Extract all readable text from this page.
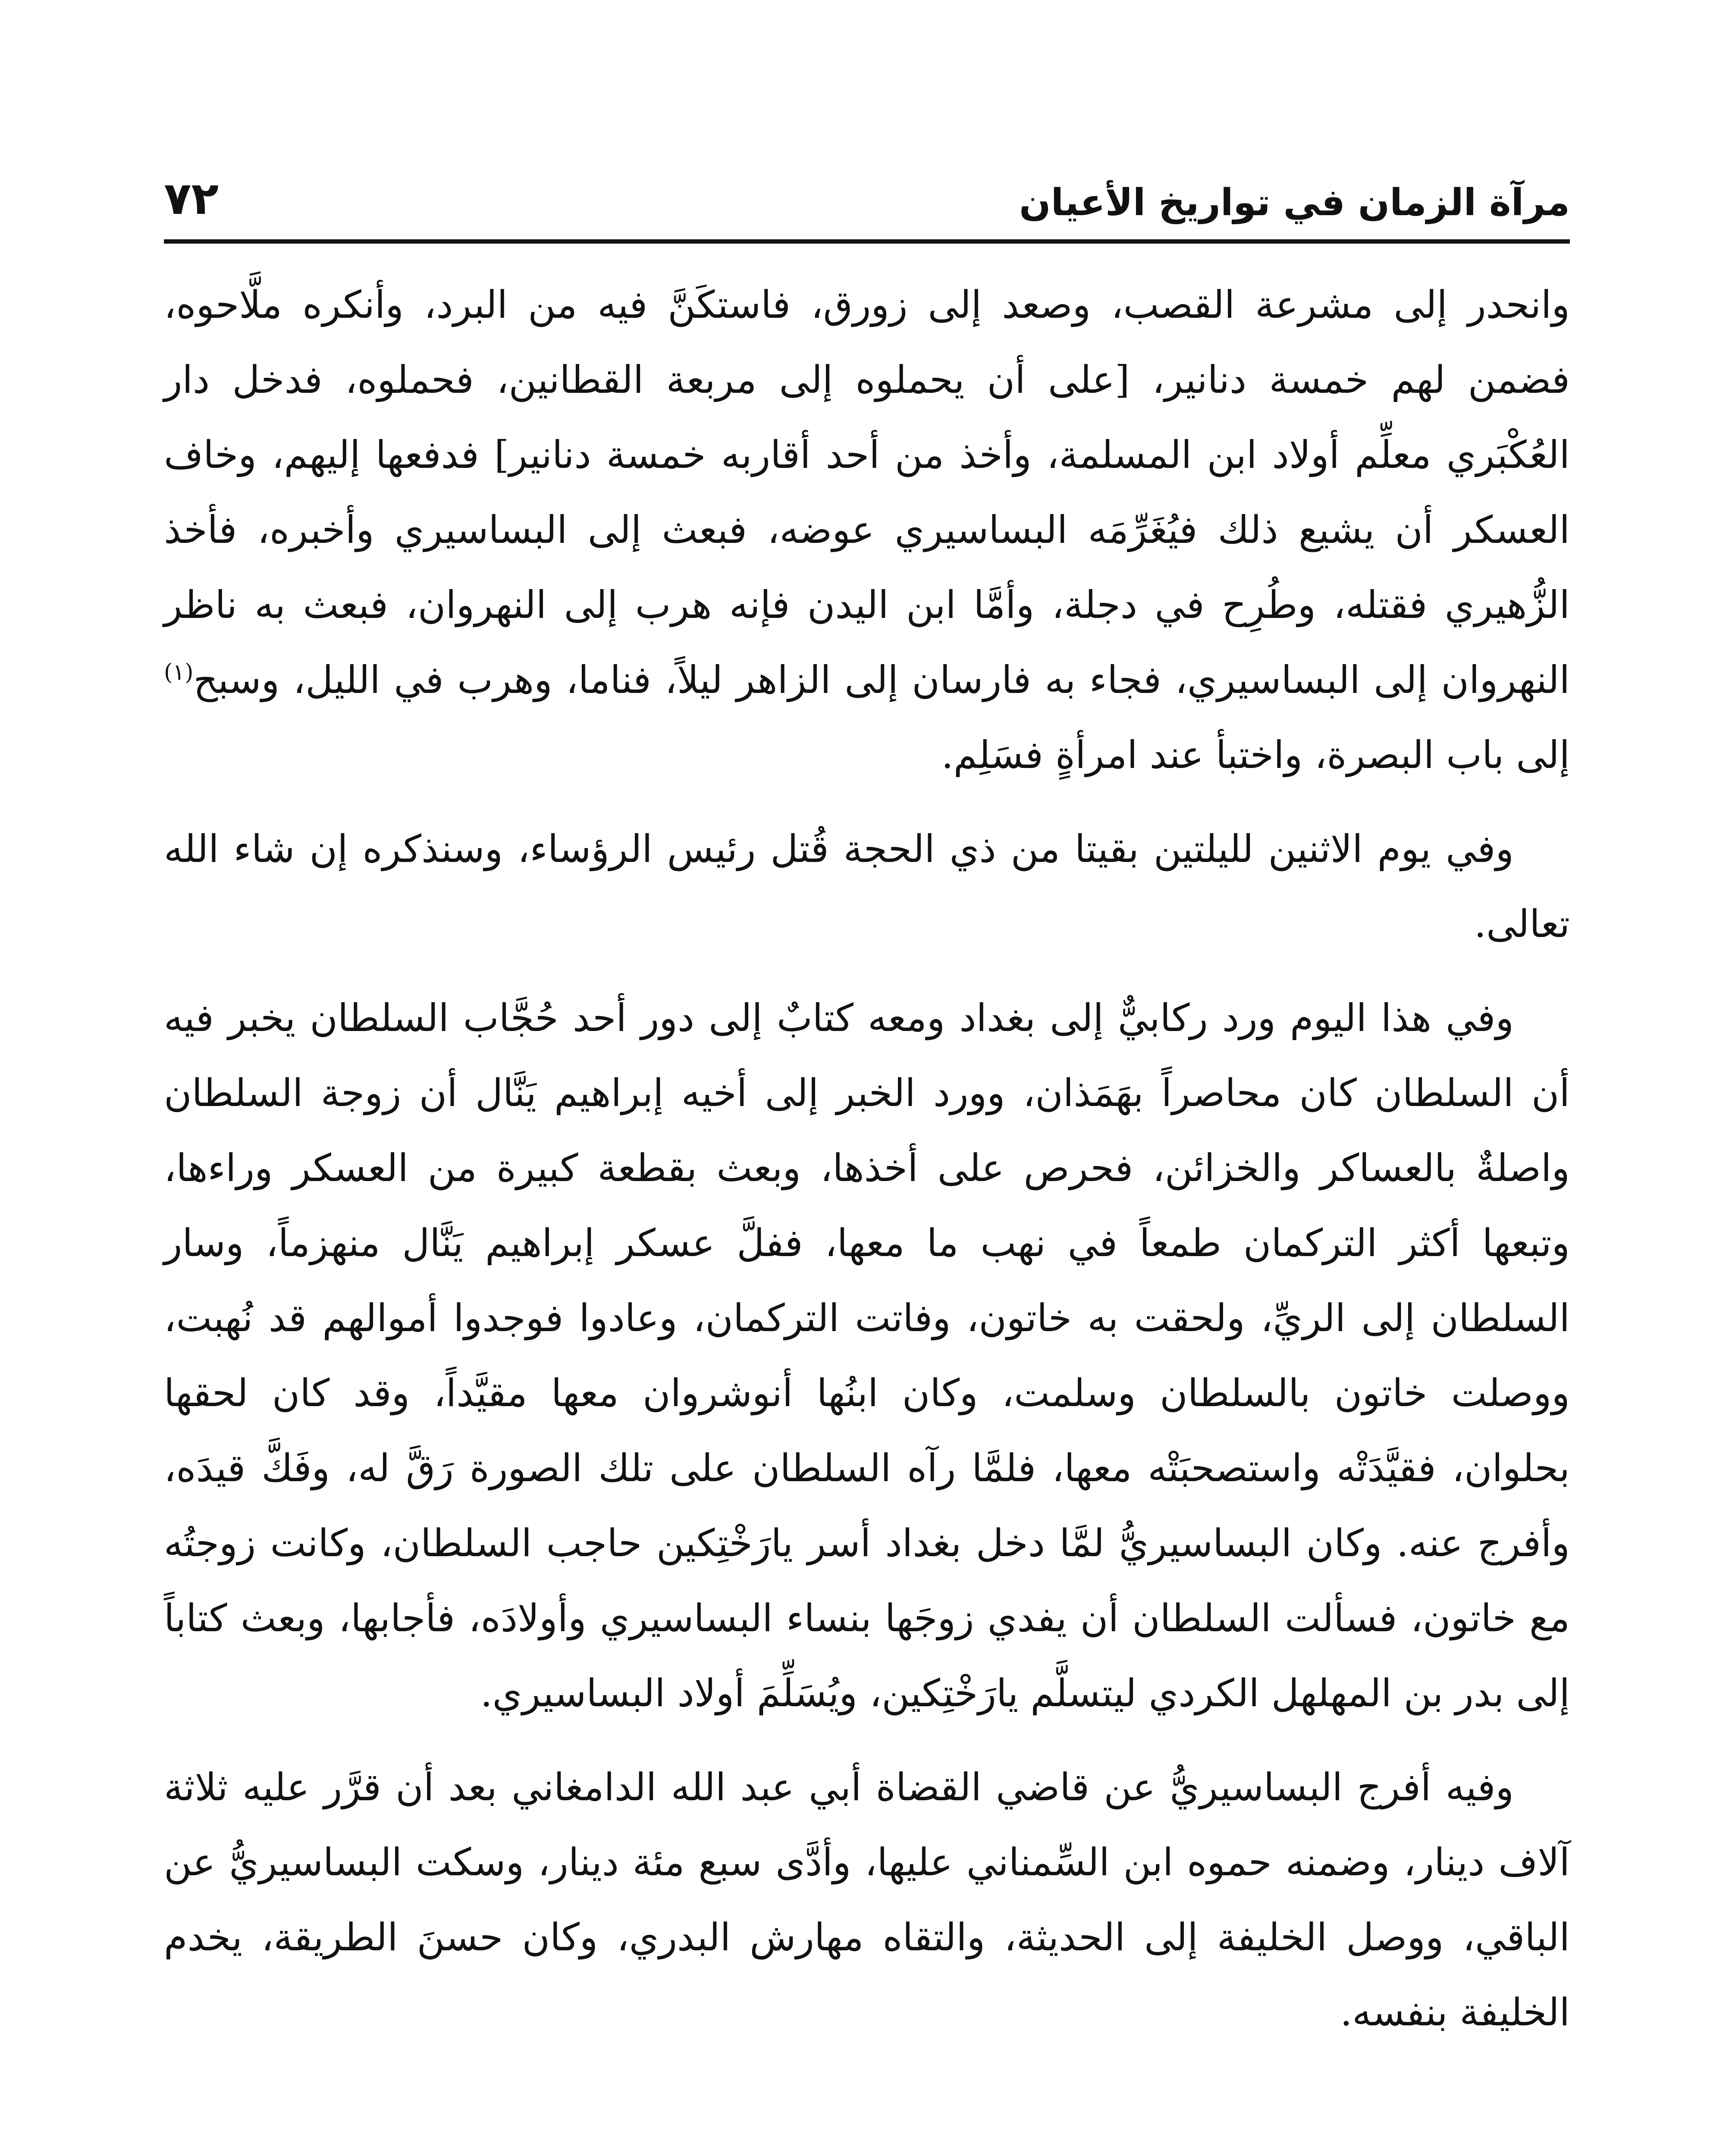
مرآة الزمان في تواريخ الأعيان
٧٢

وانحدر إلى مشرعة القصب، وصعد إلى زورق، فاستكَنَّ فيه من البرد، وأنكره ملَّاحوه، فضمن لهم خمسة دنانير، [على أن يحملوه إلى مربعة القطانين، فحملوه، فدخل دار العُكْبَري معلِّم أولاد ابن المسلمة، وأخذ من أحد أقاربه خمسة دنانير] فدفعها إليهم، وخاف العسكر أن يشيع ذلك فيُغَرِّمَه البساسيري عوضه، فبعث إلى البساسيري وأخبره، فأخذ الزُّهيري فقتله، وطُرِح في دجلة، وأمَّا ابن اليدن فإنه هرب إلى النهروان، فبعث به ناظر النهروان إلى البساسيري، فجاء به فارسان إلى الزاهر ليلاً، فناما، وهرب في الليل، وسبح$^{(١)}$ إلى باب البصرة، واختبأ عند امرأةٍ فسَلِم.

وفي يوم الاثنين لليلتين بقيتا من ذي الحجة قُتل رئيس الرؤساء، وسنذكره إن شاء الله تعالى.

وفي هذا اليوم ورد ركابيٌّ إلى بغداد ومعه كتابٌ إلى دور أحد حُجَّاب السلطان يخبر فيه أن السلطان كان محاصراً بهَمَذان، وورد الخبر إلى أخيه إبراهيم يَنَّال أن زوجة السلطان واصلةٌ بالعساكر والخزائن، فحرص على أخذها، وبعث بقطعة كبيرة من العسكر وراءها، وتبعها أكثر التركمان طمعاً في نهب ما معها، ففلَّ عسكر إبراهيم يَنَّال منهزماً، وسار السلطان إلى الريِّ، ولحقت به خاتون، وفاتت التركمان، وعادوا فوجدوا أموالهم قد نُهبت، ووصلت خاتون بالسلطان وسلمت، وكان ابنُها أنوشروان معها مقيَّداً، وقد كان لحقها بحلوان، فقيَّدَتْه واستصحبَتْه معها، فلمَّا رآه السلطان على تلك الصورة رَقَّ له، وفَكَّ قيدَه، وأفرج عنه. وكان البساسيريُّ لمَّا دخل بغداد أسر يارَخْتِكين حاجب السلطان، وكانت زوجتُه مع خاتون، فسألت السلطان أن يفدي زوجَها بنساء البساسيري وأولادَه، فأجابها، وبعث كتاباً إلى بدر بن المهلهل الكردي ليتسلَّم يارَخْتِكين، ويُسَلِّمَ أولاد البساسيري.

وفيه أفرج البساسيريُّ عن قاضي القضاة أبي عبد الله الدامغاني بعد أن قرَّر عليه ثلاثة آلاف دينار، وضمنه حموه ابن السِّمناني عليها، وأدَّى سبع مئة دينار، وسكت البساسيريُّ عن الباقي، ووصل الخليفة إلى الحديثة، والتقاه مهارش البدري، وكان حسنَ الطريقة، يخدم الخليفة بنفسه.
